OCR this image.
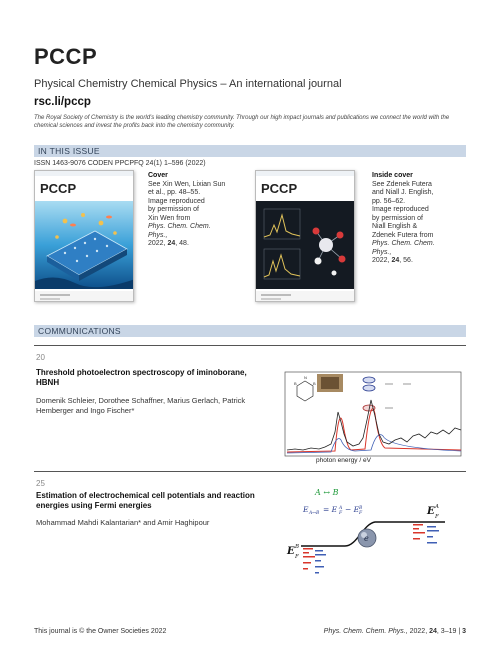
PCCP
Physical Chemistry Chemical Physics – An international journal
rsc.li/pccp
The Royal Society of Chemistry is the world's leading chemistry community. Through our high impact journals and publications we connect the world with the chemical sciences and invest the profits back into the chemistry community.
IN THIS ISSUE
ISSN 1463-9076 CODEN PPCPFQ 24(1) 1–596 (2022)
PCCP
Cover
See Xin Wen, Lixian Sun
et al., pp. 48–55.
Image reproduced
by permission of
Xin Wen from
Phys. Chem. Chem. Phys.,
2022, 24, 48.
PCCP
Inside cover
See Zdenek Futera
and Niall J. English,
pp. 56–62.
Image reproduced
by permission of
Niall English &
Zdenek Futera from
Phys. Chem. Chem. Phys.,
2022, 24, 56.
COMMUNICATIONS
20
Threshold photoelectron spectroscopy of iminoborane, HBNH
Domenik Schleier, Dorothee Schaffner, Marius Gerlach, Patrick Hemberger and Ingo Fischer*
B
N
B
photon energy / eV
25
Estimation of electrochemical cell potentials and reaction energies using Fermi energies
Mohammad Mahdi Kalantarian* and Amir Haghipour
A ↔ B
E A↔B = E A
F − E B
F	E A
F
E B
F
e
This journal is © the Owner Societies 2022	Phys. Chem. Chem. Phys., 2022, 24, 3–19 | 3
